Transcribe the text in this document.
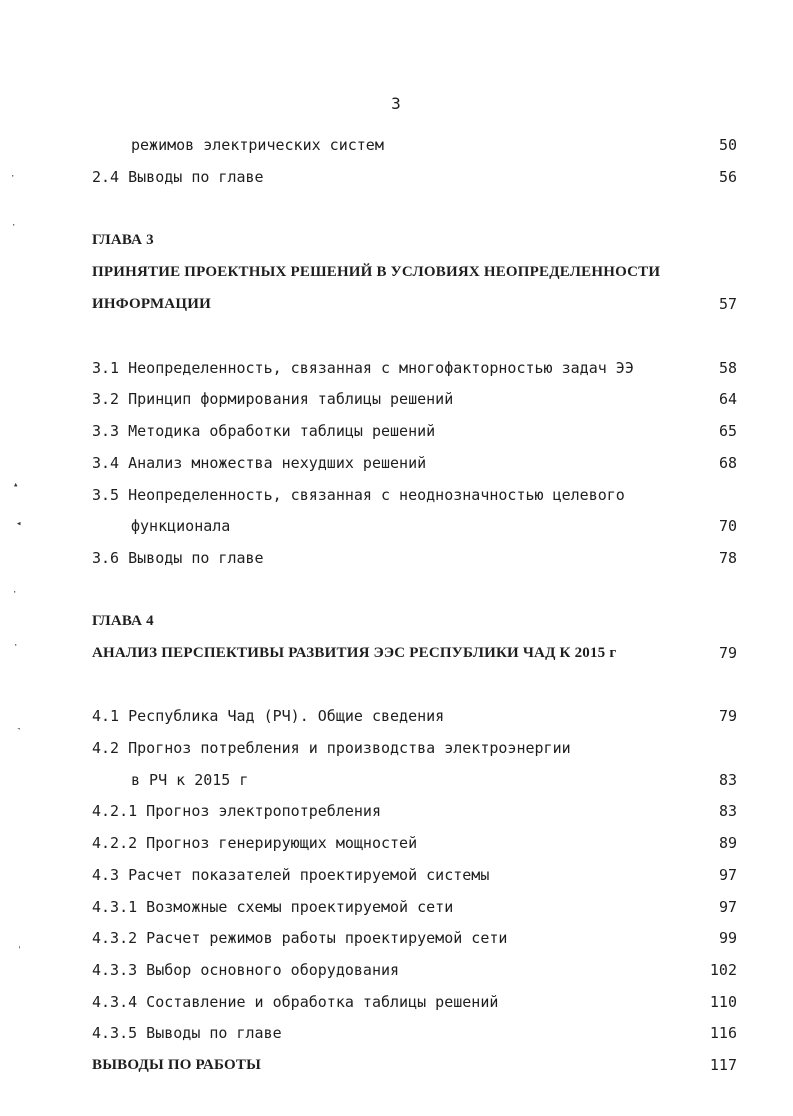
3
режимов электрических систем	50
2.4 Выводы по главе	56
ГЛАВА 3
ПРИНЯТИЕ ПРОЕКТНЫХ РЕШЕНИЙ В УСЛОВИЯХ НЕОПРЕДЕЛЕННОСТИ
ИНФОРМАЦИИ	57
3.1 Неопределенность, связанная с многофакторностью задач ЭЭ	58
3.2 Принцип формирования таблицы решений	64
3.3 Методика обработки таблицы решений	65
3.4 Анализ множества нехудших решений	68
3.5 Неопределенность, связанная с неоднозначностью целевого
функционала	70
3.6 Выводы по главе	78
ГЛАВА 4
АНАЛИЗ ПЕРСПЕКТИВЫ РАЗВИТИЯ ЭЭС РЕСПУБЛИКИ ЧАД К 2015 г	79
4.1 Республика Чад (РЧ). Общие сведения	79
4.2 Прогноз потребления и производства электроэнергии
в РЧ к 2015 г	83
4.2.1 Прогноз электропотребления	83
4.2.2 Прогноз генерирующих мощностей	89
4.3 Расчет показателей проектируемой системы	97
4.3.1 Возможные схемы проектируемой сети	97
4.3.2 Расчет режимов работы проектируемой сети	99
4.3.3 Выбор основного оборудования	102
4.3.4 Составление и обработка таблицы решений	110
4.3.5 Выводы по главе	116
ВЫВОДЫ ПО РАБОТЫ	117
·
·
▴
◂
·
·
˺
ˌ
